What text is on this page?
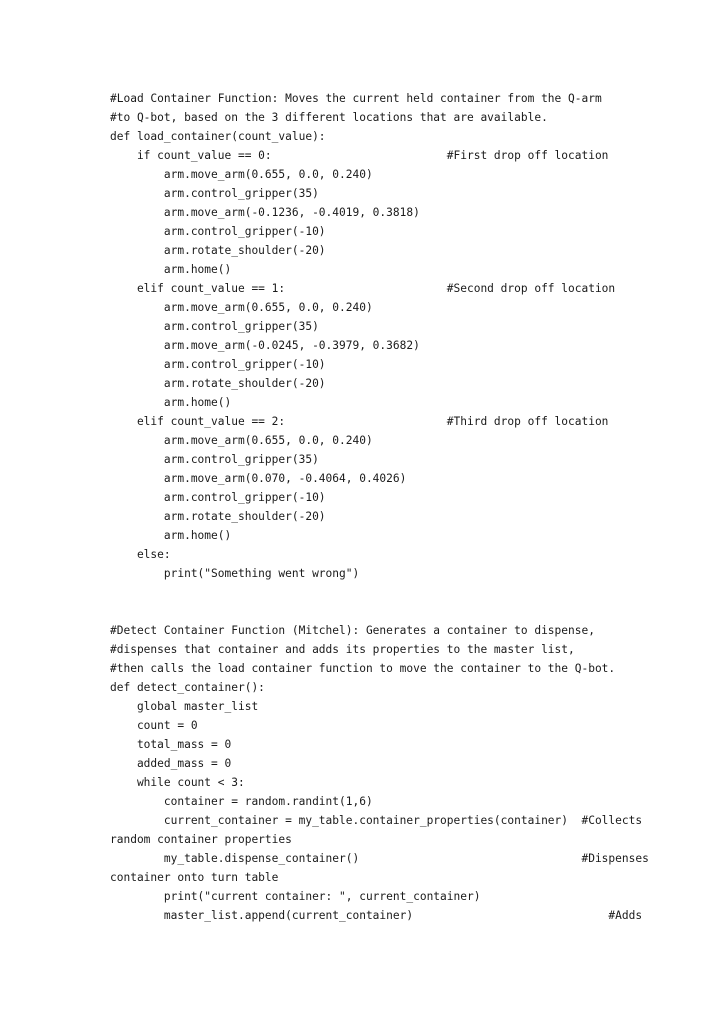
#Load Container Function: Moves the current held container from the Q-arm
#to Q-bot, based on the 3 different locations that are available.
def load_container(count_value):
if count_value == 0:                          #First drop off location
arm.move_arm(0.655, 0.0, 0.240)
arm.control_gripper(35)
arm.move_arm(-0.1236, -0.4019, 0.3818)
arm.control_gripper(-10)
arm.rotate_shoulder(-20)
arm.home()
elif count_value == 1:                        #Second drop off location
arm.move_arm(0.655, 0.0, 0.240)
arm.control_gripper(35)
arm.move_arm(-0.0245, -0.3979, 0.3682)
arm.control_gripper(-10)
arm.rotate_shoulder(-20)
arm.home()
elif count_value == 2:                        #Third drop off location
arm.move_arm(0.655, 0.0, 0.240)
arm.control_gripper(35)
arm.move_arm(0.070, -0.4064, 0.4026)
arm.control_gripper(-10)
arm.rotate_shoulder(-20)
arm.home()
else:
print("Something went wrong")
#Detect Container Function (Mitchel): Generates a container to dispense,
#dispenses that container and adds its properties to the master list,
#then calls the load container function to move the container to the Q-bot.
def detect_container():
global master_list
count = 0
total_mass = 0
added_mass = 0
while count < 3:
container = random.randint(1,6)
current_container = my_table.container_properties(container)  #Collects
random container properties
my_table.dispense_container()                                 #Dispenses
container onto turn table
print("current container: ", current_container)
master_list.append(current_container)                             #Adds
